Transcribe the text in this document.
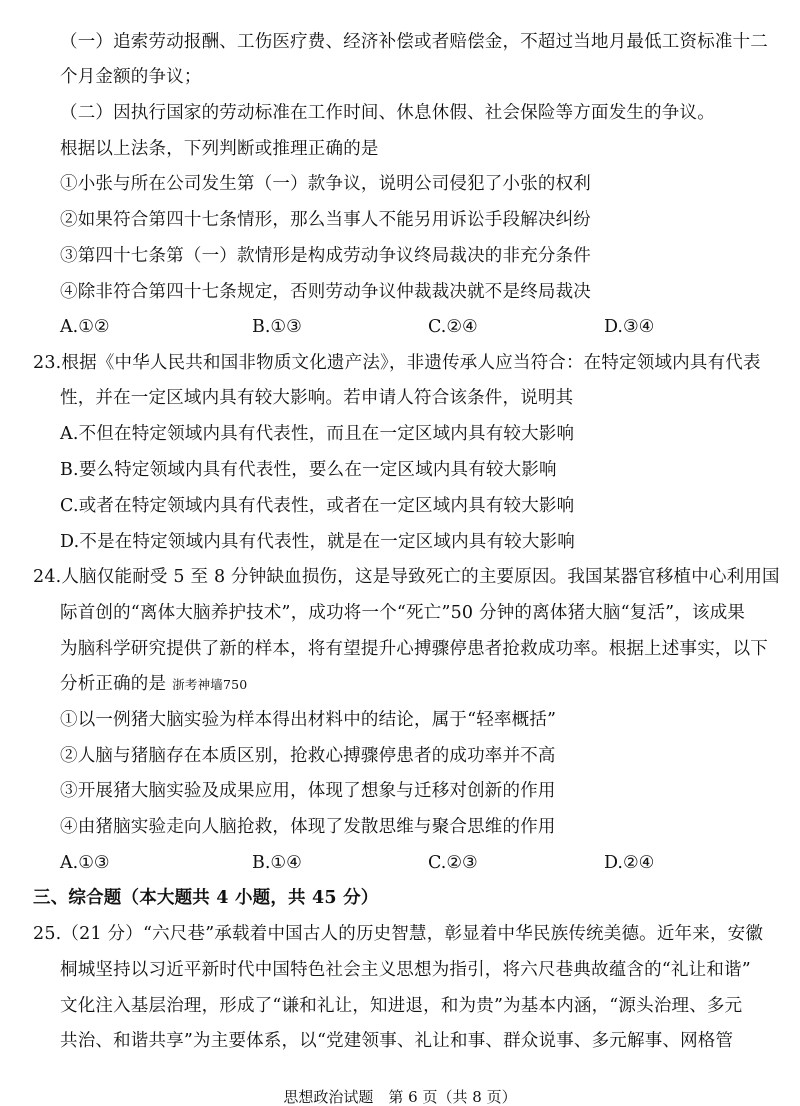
（一）追索劳动报酬、工伤医疗费、经济补偿或者赔偿金，不超过当地月最低工资标准十二
个月金额的争议；
（二）因执行国家的劳动标准在工作时间、休息休假、社会保险等方面发生的争议。
根据以上法条，下列判断或推理正确的是
①小张与所在公司发生第（一）款争议，说明公司侵犯了小张的权利
②如果符合第四十七条情形，那么当事人不能另用诉讼手段解决纠纷
③第四十七条第（一）款情形是构成劳动争议终局裁决的非充分条件
④除非符合第四十七条规定，否则劳动争议仲裁裁决就不是终局裁决
A.①②	B.①③	C.②④	D.③④
23.根据《中华人民共和国非物质文化遗产法》，非遗传承人应当符合：在特定领域内具有代表
性，并在一定区域内具有较大影响。若申请人符合该条件，说明其
A.不但在特定领域内具有代表性，而且在一定区域内具有较大影响
B.要么特定领域内具有代表性，要么在一定区域内具有较大影响
C.或者在特定领域内具有代表性，或者在一定区域内具有较大影响
D.不是在特定领域内具有代表性，就是在一定区域内具有较大影响
24.人脑仅能耐受 5 至 8 分钟缺血损伤，这是导致死亡的主要原因。我国某器官移植中心利用国
际首创的“离体大脑养护技术”，成功将一个“死亡”50 分钟的离体猪大脑“复活”，该成果
为脑科学研究提供了新的样本，将有望提升心搏骤停患者抢救成功率。根据上述事实，以下
分析正确的是 浙考神墙750
①以一例猪大脑实验为样本得出材料中的结论，属于“轻率概括”
②人脑与猪脑存在本质区别，抢救心搏骤停患者的成功率并不高
③开展猪大脑实验及成果应用，体现了想象与迁移对创新的作用
④由猪脑实验走向人脑抢救，体现了发散思维与聚合思维的作用
A.①③	B.①④	C.②③	D.②④
三、综合题（本大题共 4 小题，共 45 分）
25.（21 分）“六尺巷”承载着中国古人的历史智慧，彰显着中华民族传统美德。近年来，安徽
桐城坚持以习近平新时代中国特色社会主义思想为指引，将六尺巷典故蕴含的“礼让和谐”
文化注入基层治理，形成了“谦和礼让，知进退，和为贵”为基本内涵，“源头治理、多元
共治、和谐共享”为主要体系，以“党建领事、礼让和事、群众说事、多元解事、网格管
思想政治试题　第 6 页（共 8 页）
